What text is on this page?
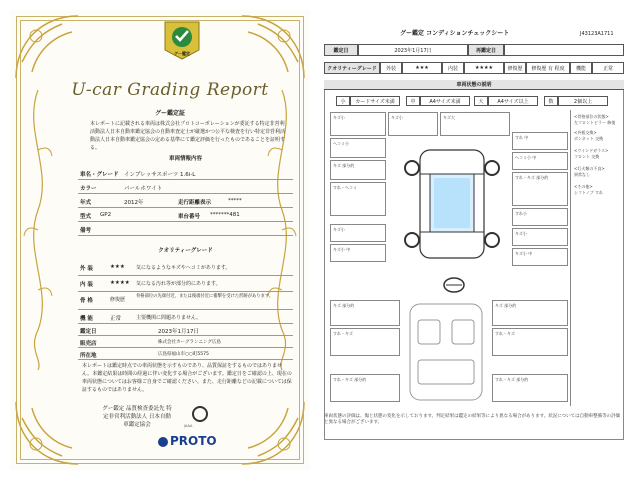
グー鑑定
U-car Grading Report
グー鑑定証
本レポートに記載される車両は株式会社プロトコーポレーションが委託する特定非営利活動法人日本自動車鑑定協会の自動車査定士が厳選かつ公平な検査を行い特定非営利活動法人日本自動車鑑定協会の定める基準にて鑑定評価を行ったものであることを証明する。
車両情報内容
車名・グレード インプレッサスポーツ 1.6i-L
カラー	パールホワイト
年式	2012年	走行距離表示	*****
型式 GP2	車台番号 *******481
備考
クオリティーグレード
外 装	★★★ 気になるようなキズやヘコミがあります。
内 装	★★★★ 気になる汚れ等が部分的にあります。
骨 格	修復歴
骨格部位の先端付近、または後端付近に衝撃を受けた形跡があります。
機 能	正常	主要機関に問題ありません。
鑑定日	2023年1月17日
販売店	株式会社カーグランニング広島
所在地	広島県福山市○○町5575
本レポートは鑑定時点での車両状態を示すものであり、品質保証をするものではありません。本鑑定結果は時間の経過に伴い変化する場合がございます。鑑定日をご確認の上、現在の車両状態についてはお客様ご自身でご確認ください。また、走行距離などの記載については保証するものではありません。
グー鑑定 品質検査委託先 特定非営利活動法人 日本自動車鑑定協会	JAAA
PROTO
グー鑑定 コンディションチェックシート	J43123A1711
鑑定日	2023年1月17日	再鑑定日
クオリティーグレード	外装	★★★	内装	★★★★	修復歴	修復歴 有 程度	機能	正常
車両状態の説明
小	カードサイズ未満	中	A4サイズ未満	大	A4サイズ以上	数	2個以上
キズ小
ヘコミ小
キズ 部分的
すれ・ヘコミ
キズ小
キズ小 中
キズ小	キズ大
すれ 中
ヘコミ小 中
すれ・キズ 部分的
すれ小
キズ小
キズ小 中
キズ 部分的
すれ・キズ
すれ・キズ 部分的
キズ 部分的
すれ・キズ
すれ・キズ 部分的
<骨格部位の状態>
左フロントピラー 修復
<外板交換>
ボンネット 交換
<ウインドガラス>
フロント 交換
<灯火類の不良>
異常なし
<その他>
シフトノブ すれ
車両状態の評価は、傷と状態の変化を示しております。判定結果は鑑定の結果等により異なる場合があります。状況については自動車整備等の評価と異なる場合がございます。
